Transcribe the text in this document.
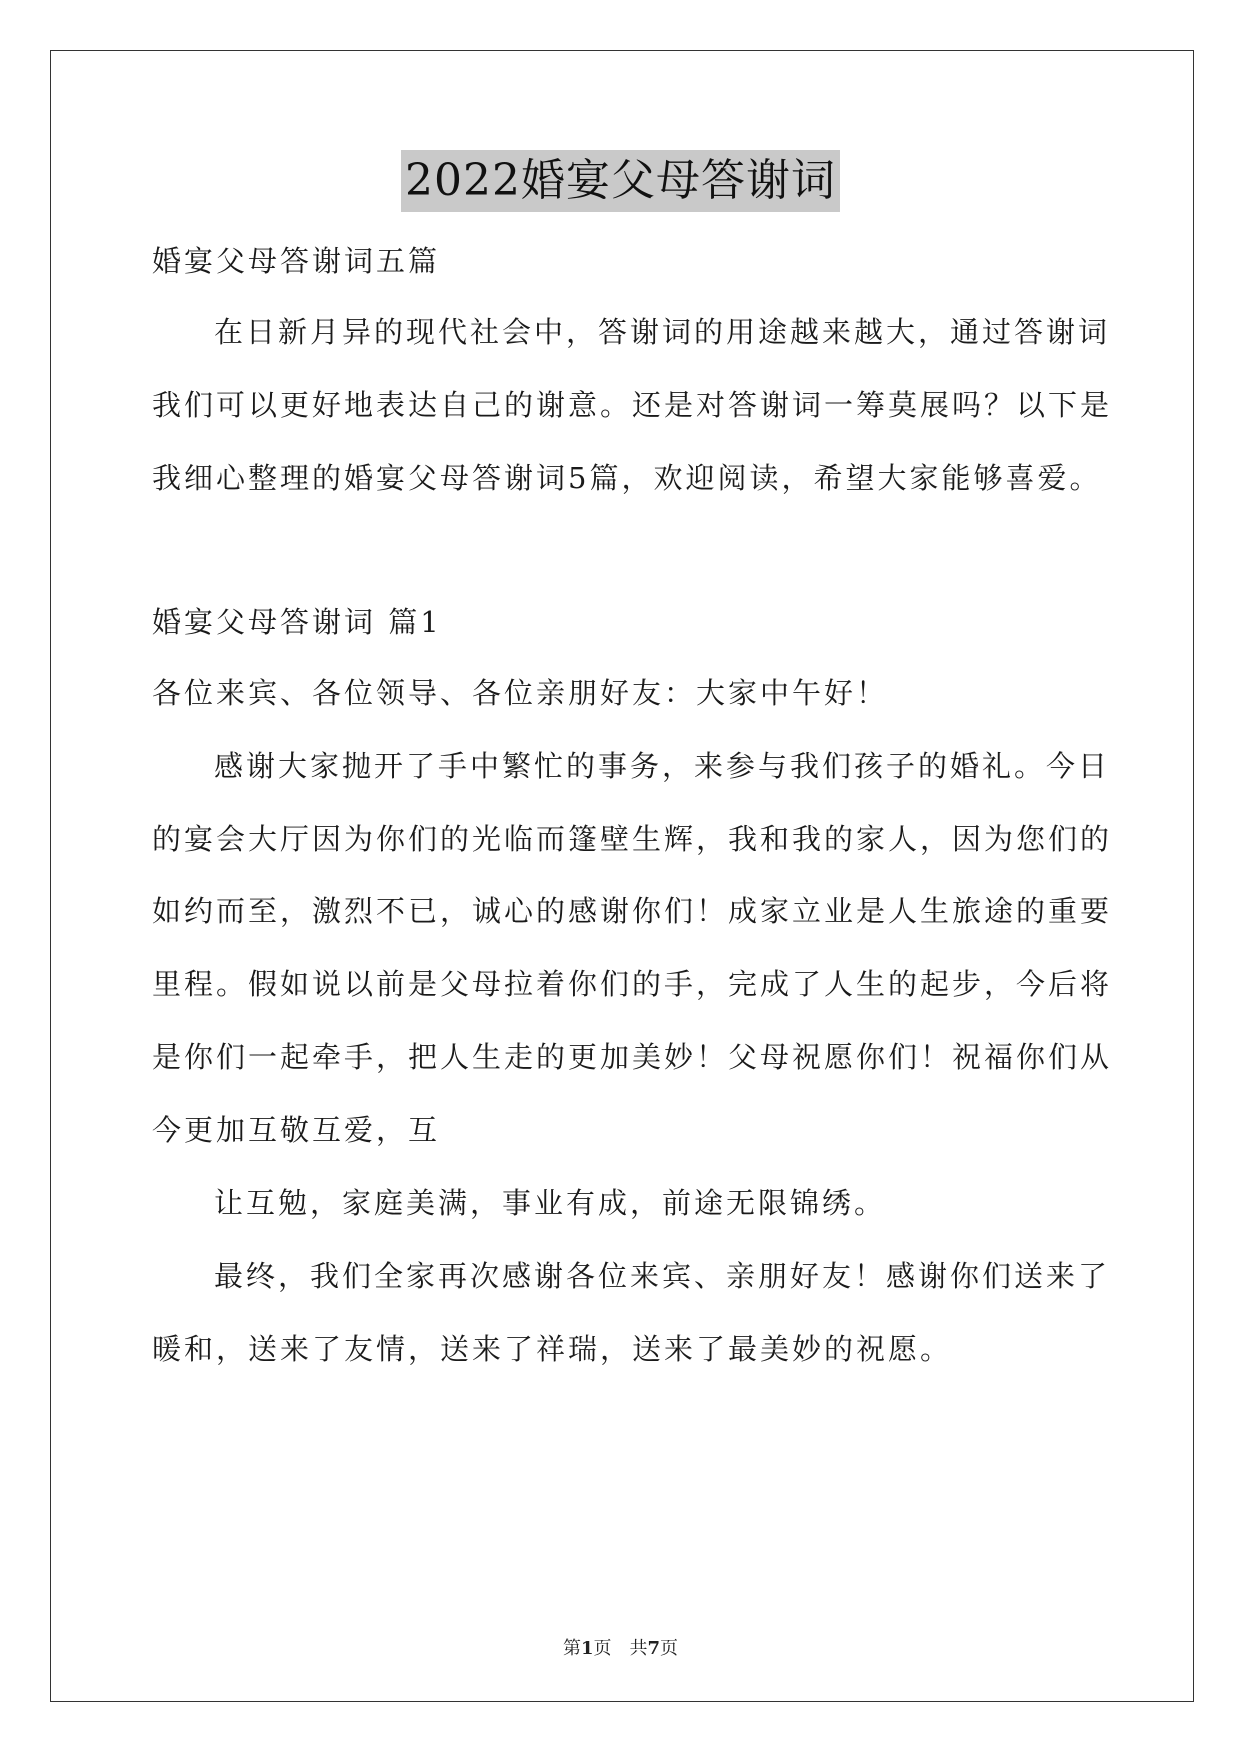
2022婚宴父母答谢词
婚宴父母答谢词五篇
在日新月异的现代社会中，答谢词的用途越来越大，通过答谢词
我们可以更好地表达自己的谢意。还是对答谢词一筹莫展吗？以下是
我细心整理的婚宴父母答谢词5篇，欢迎阅读，希望大家能够喜爱。
婚宴父母答谢词 篇1
各位来宾、各位领导、各位亲朋好友：大家中午好！
感谢大家抛开了手中繁忙的事务，来参与我们孩子的婚礼。今日
的宴会大厅因为你们的光临而篷壁生辉，我和我的家人，因为您们的
如约而至，激烈不已，诚心的感谢你们！成家立业是人生旅途的重要
里程。假如说以前是父母拉着你们的手，完成了人生的起步，今后将
是你们一起牵手，把人生走的更加美妙！父母祝愿你们！祝福你们从
今更加互敬互爱，互
让互勉，家庭美满，事业有成，前途无限锦绣。
最终，我们全家再次感谢各位来宾、亲朋好友！感谢你们送来了
暖和，送来了友情，送来了祥瑞，送来了最美妙的祝愿。
第1页　共7页
